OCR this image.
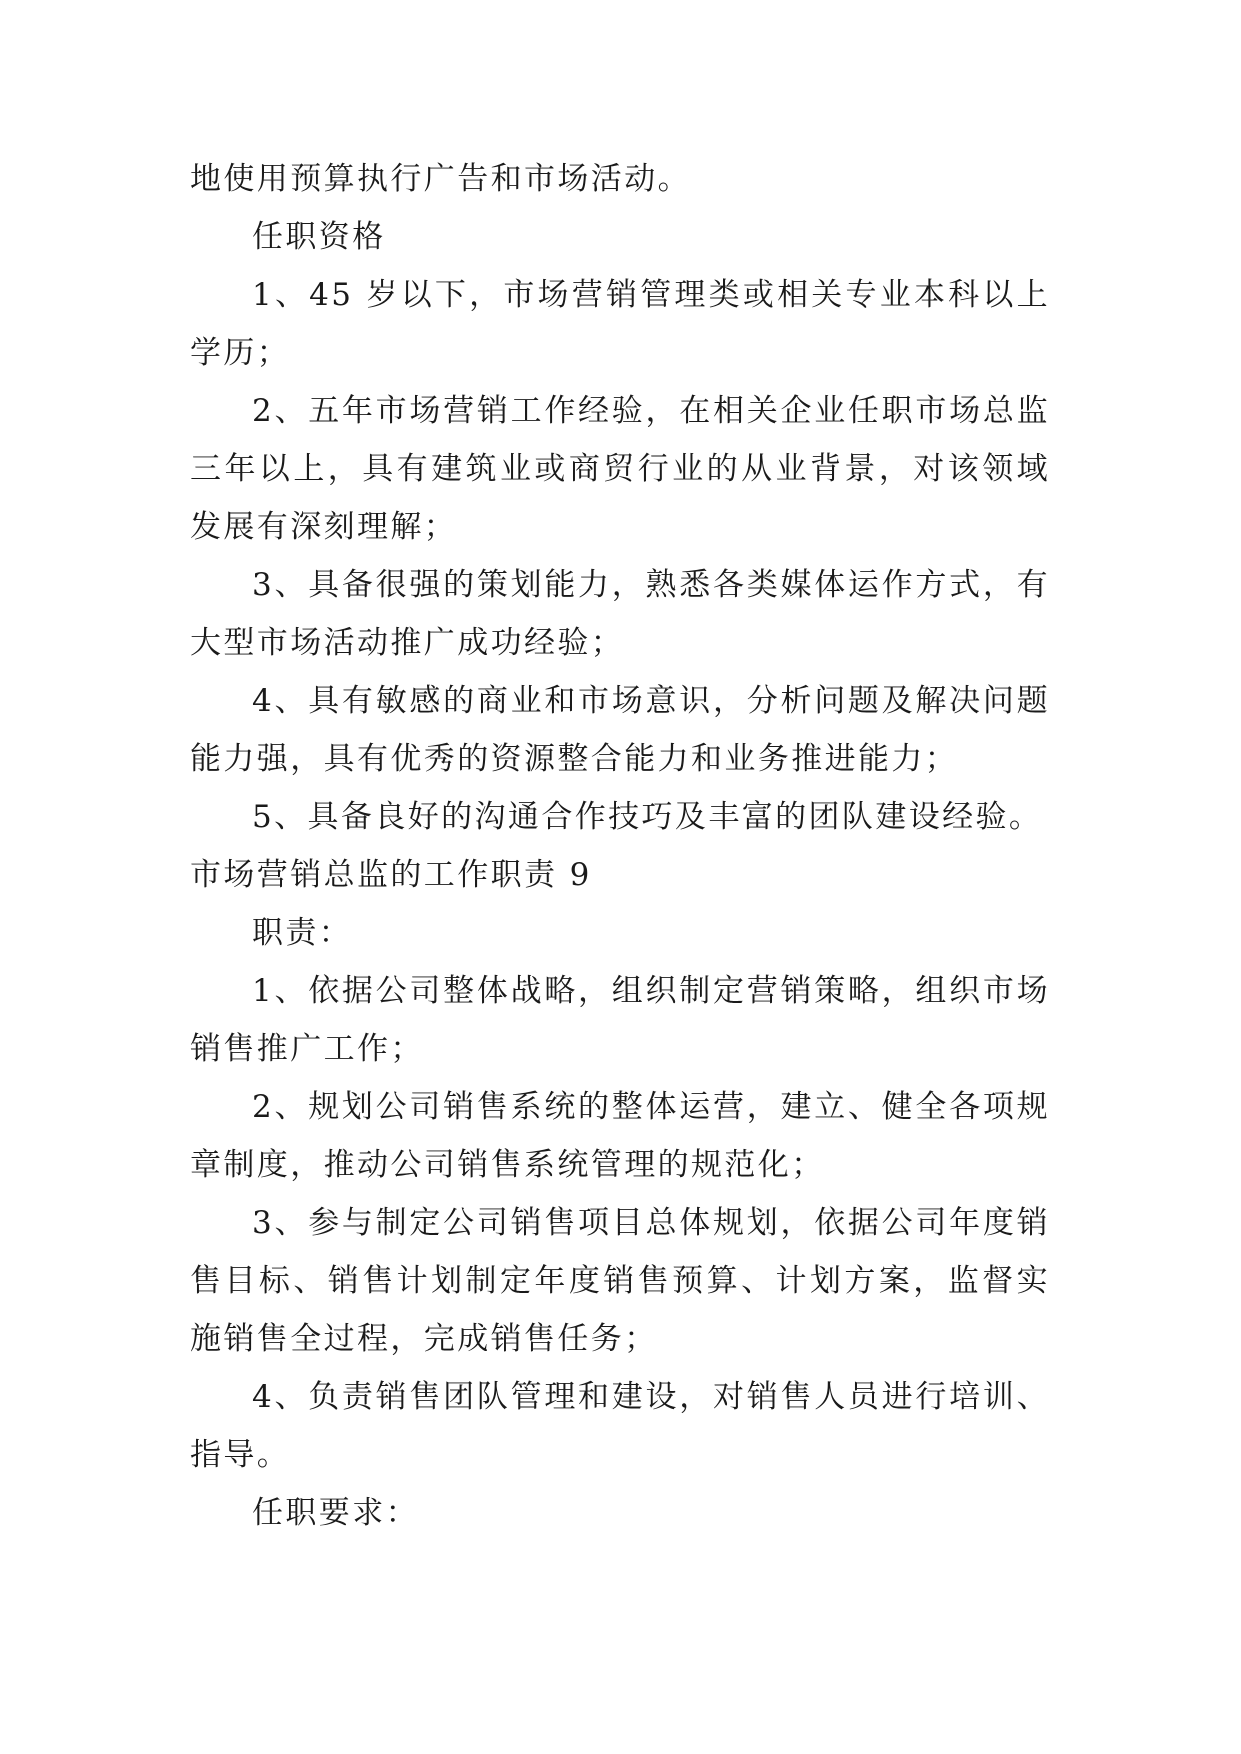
地使用预算执行广告和市场活动。

任职资格

1、45 岁以下，市场营销管理类或相关专业本科以上学历；

2、五年市场营销工作经验，在相关企业任职市场总监三年以上，具有建筑业或商贸行业的从业背景，对该领域发展有深刻理解；

3、具备很强的策划能力，熟悉各类媒体运作方式，有大型市场活动推广成功经验；

4、具有敏感的商业和市场意识，分析问题及解决问题能力强，具有优秀的资源整合能力和业务推进能力；

5、具备良好的沟通合作技巧及丰富的团队建设经验。

市场营销总监的工作职责 9

职责：

1、依据公司整体战略，组织制定营销策略，组织市场销售推广工作；

2、规划公司销售系统的整体运营，建立、健全各项规章制度，推动公司销售系统管理的规范化；

3、参与制定公司销售项目总体规划，依据公司年度销售目标、销售计划制定年度销售预算、计划方案，监督实施销售全过程，完成销售任务；

4、负责销售团队管理和建设，对销售人员进行培训、指导。

任职要求：
